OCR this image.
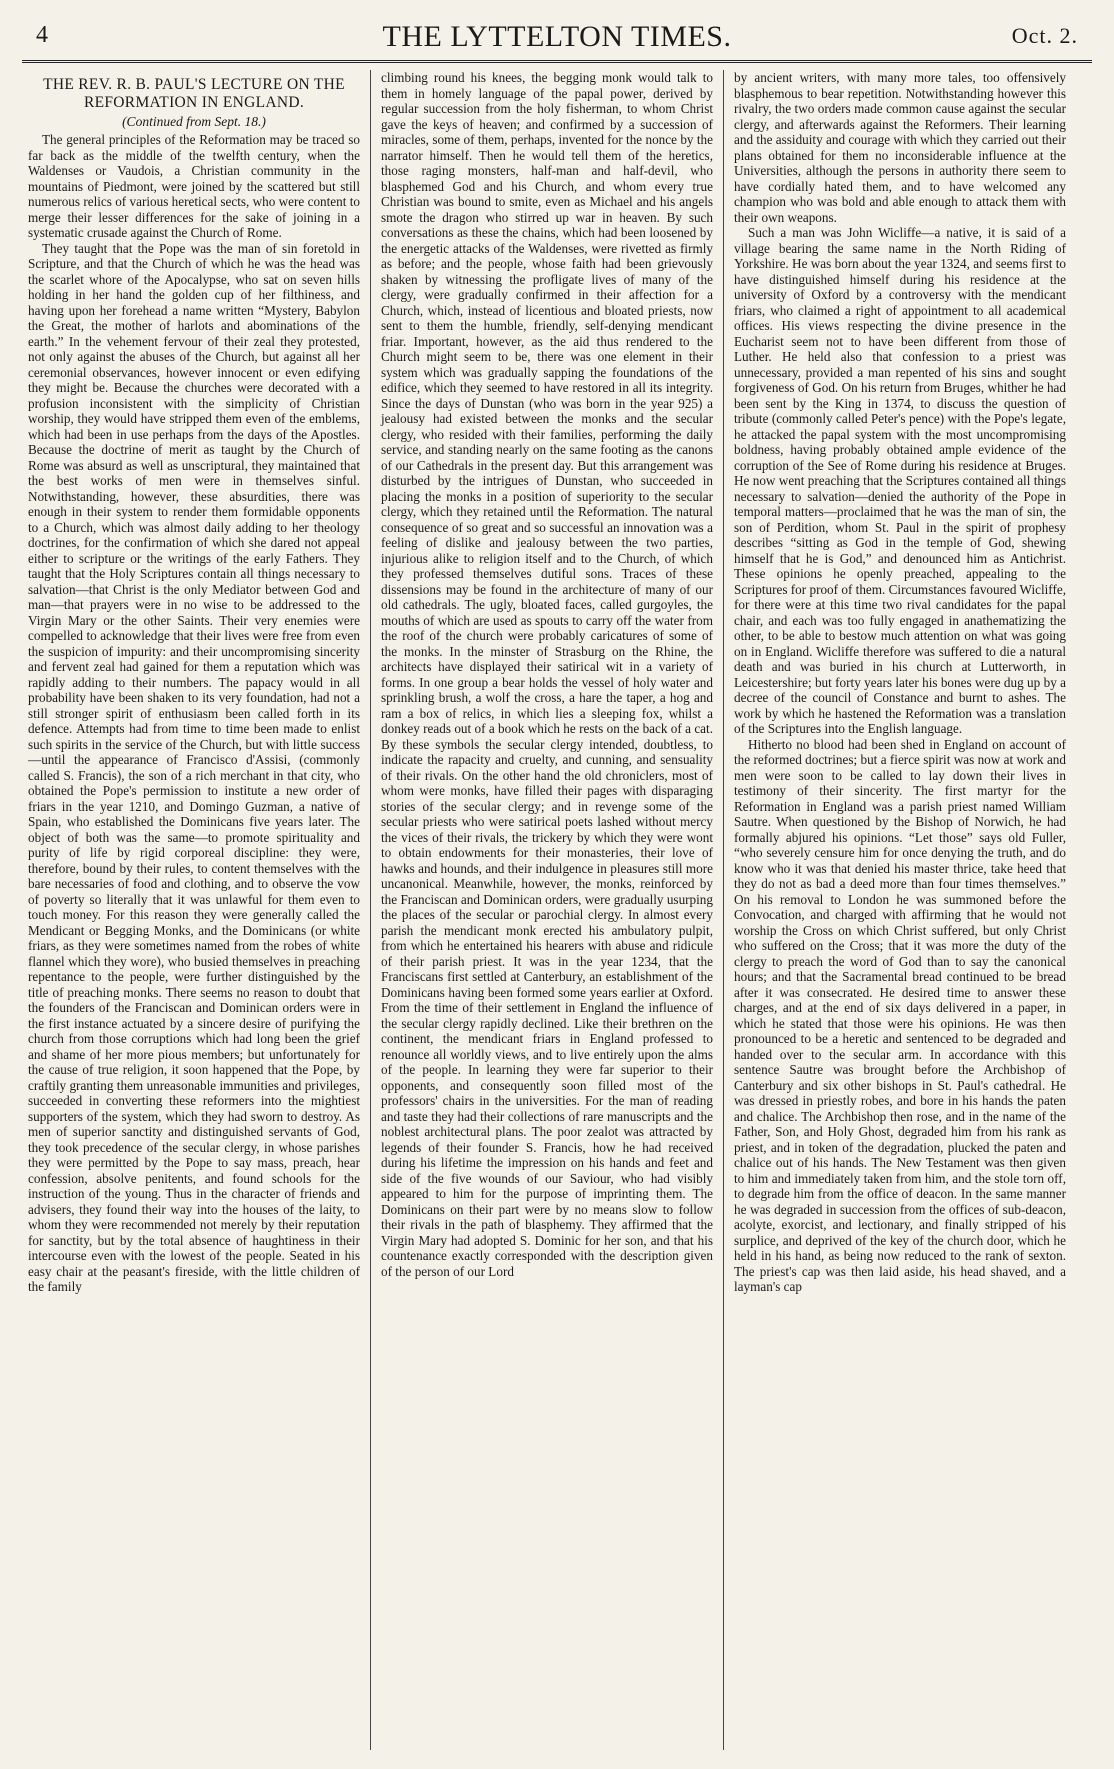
4	THE LYTTELTON TIMES.	Oct. 2.
THE REV. R. B. PAUL'S LECTURE ON THE REFORMATION IN ENGLAND.
(Continued from Sept. 18.)

The general principles of the Reformation may be traced so far back as the middle of the twelfth century, when the Waldenses or Vaudois, a Christian community in the mountains of Piedmont, were joined by the scattered but still numerous relics of various heretical sects, who were content to merge their lesser differences for the sake of joining in a systematic crusade against the Church of Rome.

They taught that the Pope was the man of sin foretold in Scripture, and that the Church of which he was the head was the scarlet whore of the Apocalypse, who sat on seven hills holding in her hand the golden cup of her filthiness, and having upon her forehead a name written “Mystery, Babylon the Great, the mother of harlots and abominations of the earth.” In the vehement fervour of their zeal they protested, not only against the abuses of the Church, but against all her ceremonial observances, however innocent or even edifying they might be. Because the churches were decorated with a profusion inconsistent with the simplicity of Christian worship, they would have stripped them even of the emblems, which had been in use perhaps from the days of the Apostles. Because the doctrine of merit as taught by the Church of Rome was absurd as well as unscriptural, they maintained that the best works of men were in themselves sinful. Notwithstanding, however, these absurdities, there was enough in their system to render them formidable opponents to a Church, which was almost daily adding to her theology doctrines, for the confirmation of which she dared not appeal either to scripture or the writings of the early Fathers. They taught that the Holy Scriptures contain all things necessary to salvation—that Christ is the only Mediator between God and man—that prayers were in no wise to be addressed to the Virgin Mary or the other Saints. Their very enemies were compelled to acknowledge that their lives were free from even the suspicion of impurity: and their uncompromising sincerity and fervent zeal had gained for them a reputation which was rapidly adding to their numbers. The papacy would in all probability have been shaken to its very foundation, had not a still stronger spirit of enthusiasm been called forth in its defence. Attempts had from time to time been made to enlist such spirits in the service of the Church, but with little success—until the appearance of Francisco d'Assisi, (commonly called S. Francis), the son of a rich merchant in that city, who obtained the Pope's permission to institute a new order of friars in the year 1210, and Domingo Guzman, a native of Spain, who established the Dominicans five years later. The object of both was the same—to promote spirituality and purity of life by rigid corporeal discipline: they were, therefore, bound by their rules, to content themselves with the bare necessaries of food and clothing, and to observe the vow of poverty so literally that it was unlawful for them even to touch money. For this reason they were generally called the Mendicant or Begging Monks, and the Dominicans (or white friars, as they were sometimes named from the robes of white flannel which they wore), who busied themselves in preaching repentance to the people, were further distinguished by the title of preaching monks. There seems no reason to doubt that the founders of the Franciscan and Dominican orders were in the first instance actuated by a sincere desire of purifying the church from those corruptions which had long been the grief and shame of her more pious members; but unfortunately for the cause of true religion, it soon happened that the Pope, by craftily granting them unreasonable immunities and privileges, succeeded in converting these reformers into the mightiest supporters of the system, which they had sworn to destroy. As men of superior sanctity and distinguished servants of God, they took precedence of the secular clergy, in whose parishes they were permitted by the Pope to say mass, preach, hear confession, absolve penitents, and found schools for the instruction of the young. Thus in the character of friends and advisers, they found their way into the houses of the laity, to whom they were recommended not merely by their reputation for sanctity, but by the total absence of haughtiness in their intercourse even with the lowest of the people. Seated in his easy chair at the peasant's fireside, with the little children of the family

climbing round his knees, the begging monk would talk to them in homely language of the papal power, derived by regular succession from the holy fisherman, to whom Christ gave the keys of heaven; and confirmed by a succession of miracles, some of them, perhaps, invented for the nonce by the narrator himself. Then he would tell them of the heretics, those raging monsters, half-man and half-devil, who blasphemed God and his Church, and whom every true Christian was bound to smite, even as Michael and his angels smote the dragon who stirred up war in heaven. By such conversations as these the chains, which had been loosened by the energetic attacks of the Waldenses, were rivetted as firmly as before; and the people, whose faith had been grievously shaken by witnessing the profligate lives of many of the clergy, were gradually confirmed in their affection for a Church, which, instead of licentious and bloated priests, now sent to them the humble, friendly, self-denying mendicant friar. Important, however, as the aid thus rendered to the Church might seem to be, there was one element in their system which was gradually sapping the foundations of the edifice, which they seemed to have restored in all its integrity. Since the days of Dunstan (who was born in the year 925) a jealousy had existed between the monks and the secular clergy, who resided with their families, performing the daily service, and standing nearly on the same footing as the canons of our Cathedrals in the present day. But this arrangement was disturbed by the intrigues of Dunstan, who succeeded in placing the monks in a position of superiority to the secular clergy, which they retained until the Reformation. The natural consequence of so great and so successful an innovation was a feeling of dislike and jealousy between the two parties, injurious alike to religion itself and to the Church, of which they professed themselves dutiful sons. Traces of these dissensions may be found in the architecture of many of our old cathedrals. The ugly, bloated faces, called gurgoyles, the mouths of which are used as spouts to carry off the water from the roof of the church were probably caricatures of some of the monks. In the minster of Strasburg on the Rhine, the architects have displayed their satirical wit in a variety of forms. In one group a bear holds the vessel of holy water and sprinkling brush, a wolf the cross, a hare the taper, a hog and ram a box of relics, in which lies a sleeping fox, whilst a donkey reads out of a book which he rests on the back of a cat. By these symbols the secular clergy intended, doubtless, to indicate the rapacity and cruelty, and cunning, and sensuality of their rivals. On the other hand the old chroniclers, most of whom were monks, have filled their pages with disparaging stories of the secular clergy; and in revenge some of the secular priests who were satirical poets lashed without mercy the vices of their rivals, the trickery by which they were wont to obtain endowments for their monasteries, their love of hawks and hounds, and their indulgence in pleasures still more uncanonical. Meanwhile, however, the monks, reinforced by the Franciscan and Dominican orders, were gradually usurping the places of the secular or parochial clergy. In almost every parish the mendicant monk erected his ambulatory pulpit, from which he entertained his hearers with abuse and ridicule of their parish priest. It was in the year 1234, that the Franciscans first settled at Canterbury, an establishment of the Dominicans having been formed some years earlier at Oxford. From the time of their settlement in England the influence of the secular clergy rapidly declined. Like their brethren on the continent, the mendicant friars in England professed to renounce all worldly views, and to live entirely upon the alms of the people. In learning they were far superior to their opponents, and consequently soon filled most of the professors' chairs in the universities. For the man of reading and taste they had their collections of rare manuscripts and the noblest architectural plans. The poor zealot was attracted by legends of their founder S. Francis, how he had received during his lifetime the impression on his hands and feet and side of the five wounds of our Saviour, who had visibly appeared to him for the purpose of imprinting them. The Dominicans on their part were by no means slow to follow their rivals in the path of blasphemy. They affirmed that the Virgin Mary had adopted S. Dominic for her son, and that his countenance exactly corresponded with the description given of the person of our Lord

by ancient writers, with many more tales, too offensively blasphemous to bear repetition. Notwithstanding however this rivalry, the two orders made common cause against the secular clergy, and afterwards against the Reformers. Their learning and the assiduity and courage with which they carried out their plans obtained for them no inconsiderable influence at the Universities, although the persons in authority there seem to have cordially hated them, and to have welcomed any champion who was bold and able enough to attack them with their own weapons.

Such a man was John Wicliffe—a native, it is said of a village bearing the same name in the North Riding of Yorkshire. He was born about the year 1324, and seems first to have distinguished himself during his residence at the university of Oxford by a controversy with the mendicant friars, who claimed a right of appointment to all academical offices. His views respecting the divine presence in the Eucharist seem not to have been different from those of Luther. He held also that confession to a priest was unnecessary, provided a man repented of his sins and sought forgiveness of God. On his return from Bruges, whither he had been sent by the King in 1374, to discuss the question of tribute (commonly called Peter's pence) with the Pope's legate, he attacked the papal system with the most uncompromising boldness, having probably obtained ample evidence of the corruption of the See of Rome during his residence at Bruges. He now went preaching that the Scriptures contained all things necessary to salvation—denied the authority of the Pope in temporal matters—proclaimed that he was the man of sin, the son of Perdition, whom St. Paul in the spirit of prophesy describes “sitting as God in the temple of God, shewing himself that he is God,” and denounced him as Antichrist. These opinions he openly preached, appealing to the Scriptures for proof of them. Circumstances favoured Wicliffe, for there were at this time two rival candidates for the papal chair, and each was too fully engaged in anathematizing the other, to be able to bestow much attention on what was going on in England. Wicliffe therefore was suffered to die a natural death and was buried in his church at Lutterworth, in Leicestershire; but forty years later his bones were dug up by a decree of the council of Constance and burnt to ashes. The work by which he hastened the Reformation was a translation of the Scriptures into the English language.

Hitherto no blood had been shed in England on account of the reformed doctrines; but a fierce spirit was now at work and men were soon to be called to lay down their lives in testimony of their sincerity. The first martyr for the Reformation in England was a parish priest named William Sautre. When questioned by the Bishop of Norwich, he had formally abjured his opinions. “Let those” says old Fuller, “who severely censure him for once denying the truth, and do know who it was that denied his master thrice, take heed that they do not as bad a deed more than four times themselves.” On his removal to London he was summoned before the Convocation, and charged with affirming that he would not worship the Cross on which Christ suffered, but only Christ who suffered on the Cross; that it was more the duty of the clergy to preach the word of God than to say the canonical hours; and that the Sacramental bread continued to be bread after it was consecrated. He desired time to answer these charges, and at the end of six days delivered in a paper, in which he stated that those were his opinions. He was then pronounced to be a heretic and sentenced to be degraded and handed over to the secular arm. In accordance with this sentence Sautre was brought before the Archbishop of Canterbury and six other bishops in St. Paul's cathedral. He was dressed in priestly robes, and bore in his hands the paten and chalice. The Archbishop then rose, and in the name of the Father, Son, and Holy Ghost, degraded him from his rank as priest, and in token of the degradation, plucked the paten and chalice out of his hands. The New Testament was then given to him and immediately taken from him, and the stole torn off, to degrade him from the office of deacon. In the same manner he was degraded in succession from the offices of sub-deacon, acolyte, exorcist, and lectionary, and finally stripped of his surplice, and deprived of the key of the church door, which he held in his hand, as being now reduced to the rank of sexton. The priest's cap was then laid aside, his head shaved, and a layman's cap
